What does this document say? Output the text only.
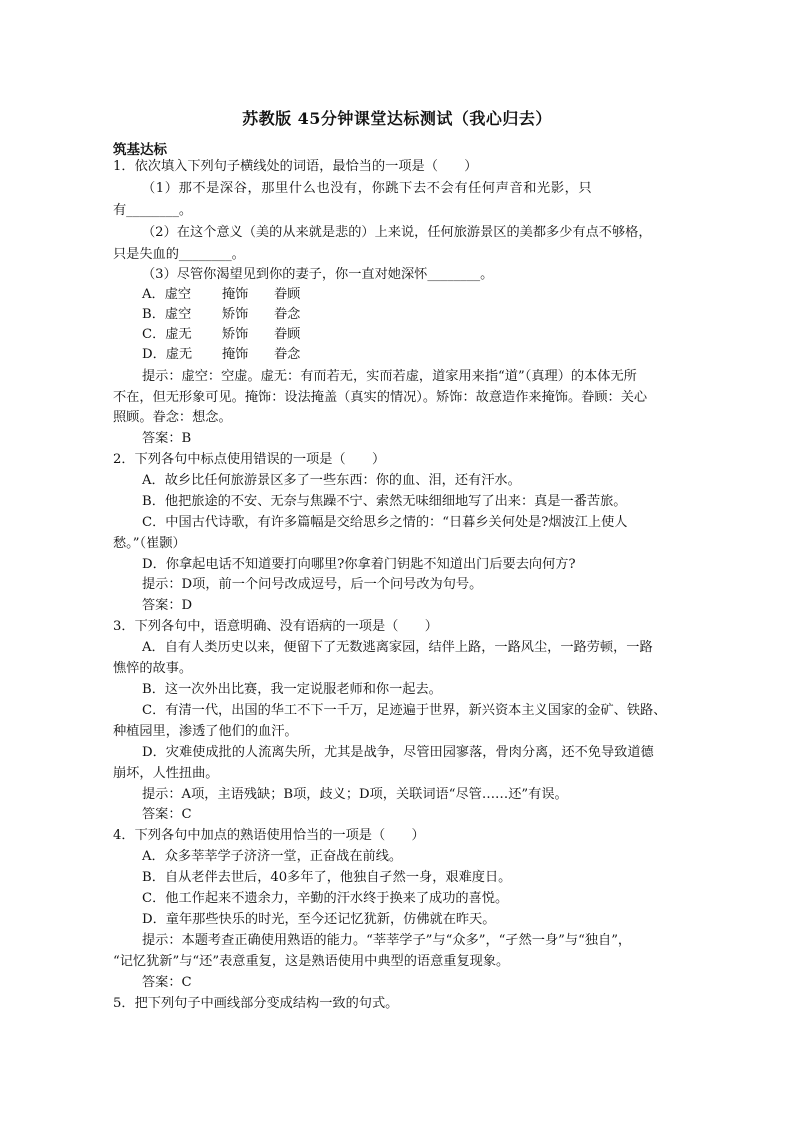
苏教版 45分钟课堂达标测试（我心归去）
筑基达标
1．依次填入下列句子横线处的词语，最恰当的一项是（　　）
（1）那不是深谷，那里什么也没有，你跳下去不会有任何声音和光影，只
有________。
（2）在这个意义（美的从来就是悲的）上来说，任何旅游景区的美都多少有点不够格，
只是失血的________。
（3）尽管你渴望见到你的妻子，你一直对她深怀________。
A．虚空 掩饰 眷顾
B．虚空 矫饰 眷念
C．虚无 矫饰 眷顾
D．虚无 掩饰 眷念
提示：虚空：空虚。虚无：有而若无，实而若虚，道家用来指“道”（真理）的本体无所
不在，但无形象可见。掩饰：设法掩盖（真实的情况）。矫饰：故意造作来掩饰。眷顾：关心
照顾。眷念：想念。
答案：B
2．下列各句中标点使用错误的一项是（　　）
A．故乡比任何旅游景区多了一些东西：你的血、泪，还有汗水。
B．他把旅途的不安、无奈与焦躁不宁、索然无味细细地写了出来：真是一番苦旅。
C．中国古代诗歌，有许多篇幅是交给思乡之情的：“日暮乡关何处是?烟波江上使人
愁。”（崔颢）
D．你拿起电话不知道要打向哪里?你拿着门钥匙不知道出门后要去向何方?
提示：D项，前一个问号改成逗号，后一个问号改为句号。
答案：D
3．下列各句中，语意明确、没有语病的一项是（　　）
A．自有人类历史以来，便留下了无数逃离家园，结伴上路，一路风尘，一路劳顿，一路
憔悴的故事。
B．这一次外出比赛，我一定说服老师和你一起去。
C．有清一代，出国的华工不下一千万，足迹遍于世界，新兴资本主义国家的金矿、铁路、
种植园里，渗透了他们的血汗。
D．灾难使成批的人流离失所，尤其是战争，尽管田园寥落，骨肉分离，还不免导致道德
崩坏，人性扭曲。
提示：A项，主语残缺；B项，歧义；D项，关联词语“尽管……还”有误。
答案：C
4．下列各句中加点的熟语使用恰当的一项是（　　）
A．众多莘莘学子济济一堂，正奋战在前线。
B．自从老伴去世后，40多年了，他独自孑然一身，艰难度日。
C．他工作起来不遗余力，辛勤的汗水终于换来了成功的喜悦。
D．童年那些快乐的时光，至今还记忆犹新，仿佛就在昨天。
提示：本题考查正确使用熟语的能力。“莘莘学子”与“众多”，“孑然一身”与“独自”，
“记忆犹新”与“还”表意重复，这是熟语使用中典型的语意重复现象。
答案：C
5．把下列句子中画线部分变成结构一致的句式。
